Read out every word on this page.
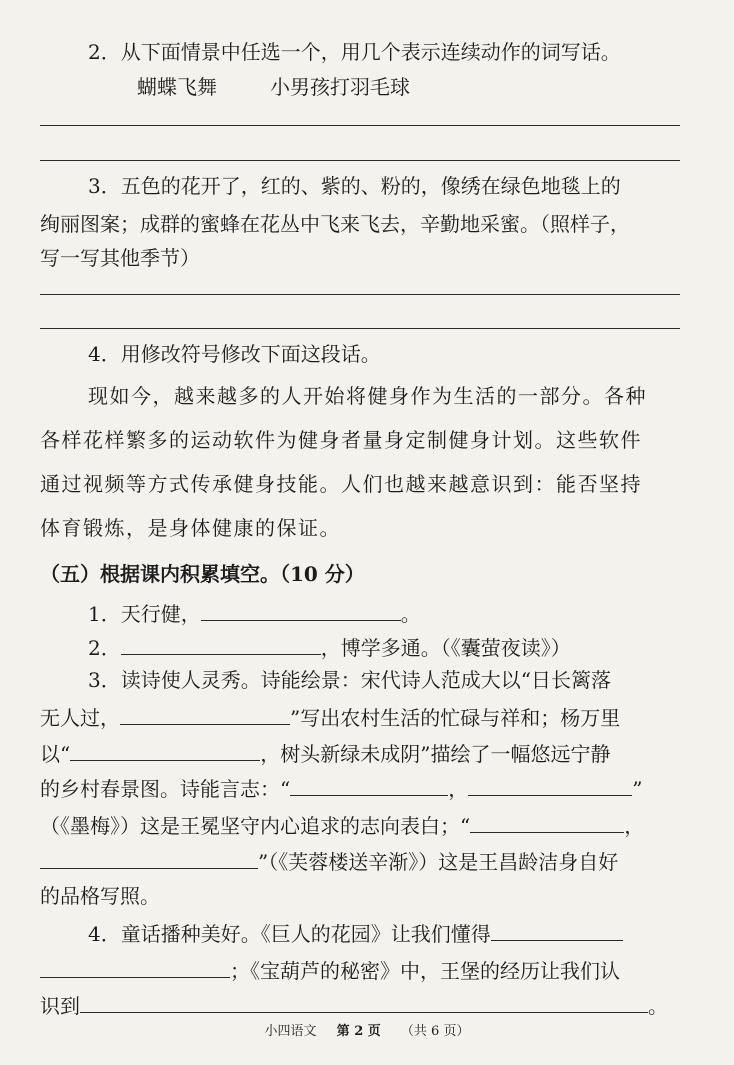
2．从下面情景中任选一个，用几个表示连续动作的词写话。
蝴蝶飞舞	小男孩打羽毛球
3．五色的花开了，红的、紫的、粉的，像绣在绿色地毯上的
绚丽图案；成群的蜜蜂在花丛中飞来飞去，辛勤地采蜜。（照样子，
写一写其他季节）
4．用修改符号修改下面这段话。
现如今，越来越多的人开始将健身作为生活的一部分。各种
各样花样繁多的运动软件为健身者量身定制健身计划。这些软件
通过视频等方式传承健身技能。人们也越来越意识到：能否坚持
体育锻炼，是身体健康的保证。
（五）根据课内积累填空。（10 分）
1．天行健，	。
2．	，博学多通。（《囊萤夜读》）
3．读诗使人灵秀。诗能绘景：宋代诗人范成大以“日长篱落
无人过，	”写出农村生活的忙碌与祥和；杨万里
以“	，树头新绿未成阴”描绘了一幅悠远宁静
的乡村春景图。诗能言志：“	，	”
（《墨梅》）这是王冕坚守内心追求的志向表白；“	，
”（《芙蓉楼送辛渐》）这是王昌龄洁身自好
的品格写照。
4．童话播种美好。《巨人的花园》让我们懂得
；《宝葫芦的秘密》中，王堡的经历让我们认
识到	。
小四语文 第 2 页 （共 6 页）
